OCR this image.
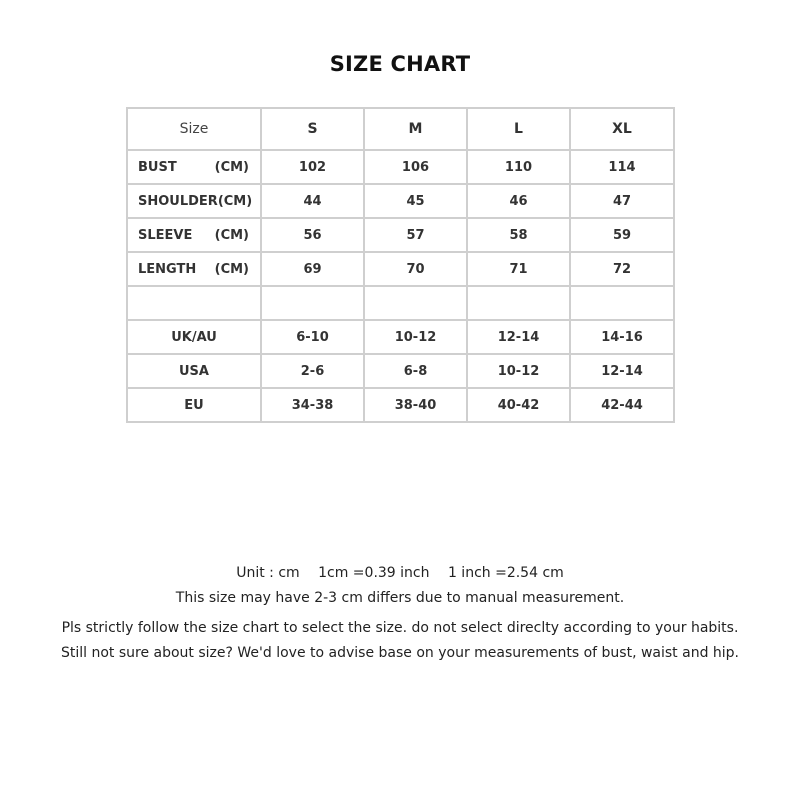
SIZE CHART
Size	S	M	L	XL

BUST (CM)	102	106	110	114

SHOULDER (CM)	44	45	46	47

SLEEVE (CM)	56	57	58	59

LENGTH (CM)	69	70	71	72

UK/AU	6-10	10-12	12-14	14-16
USA	2-6	6-8	10-12	12-14
EU	34-38	38-40	40-42	42-44
Unit : cm 1cm =0.39 inch 1 inch =2.54 cm
This size may have 2-3 cm differs due to manual measurement.
Pls strictly follow the size chart to select the size. do not select direclty according to your habits.
Still not sure about size? We'd love to advise base on your measurements of bust, waist and hip.
